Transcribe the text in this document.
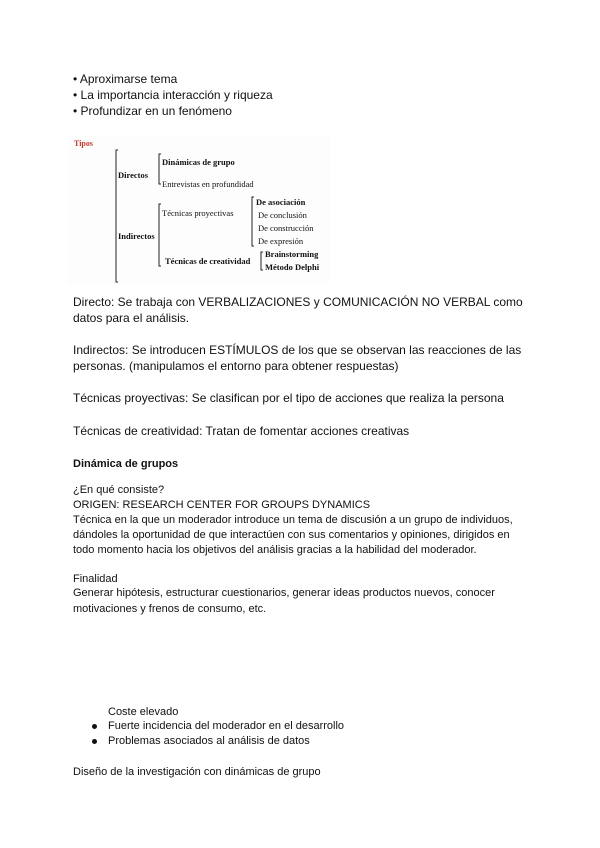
• Aproximarse tema
• La importancia interacción y riqueza
• Profundizar en un fenómeno
Tipos
Directos
Indirectos
Dinámicas de grupo
Entrevistas en profundidad
Técnicas proyectivas
Técnicas de creatividad
De asociación
De conclusión
De construcción
De expresión
Brainstorming
Método Delphi
Directo: Se trabaja con VERBALIZACIONES y COMUNICACIÓN NO VERBAL como
datos para el análisis.
Indirectos: Se introducen ESTÍMULOS de los que se observan las reacciones de las
personas. (manipulamos el entorno para obtener respuestas)
Técnicas proyectivas: Se clasifican por el tipo de acciones que realiza la persona
Técnicas de creatividad: Tratan de fomentar acciones creativas
Dinámica de grupos
¿En qué consiste?
ORIGEN: RESEARCH CENTER FOR GROUPS DYNAMICS
Técnica en la que un moderador introduce un tema de discusión a un grupo de individuos,
dándoles la oportunidad de que interactúen con sus comentarios y opiniones, dirigidos en
todo momento hacia los objetivos del análisis gracias a la habilidad del moderador.
Finalidad
Generar hipótesis, estructurar cuestionarios, generar ideas productos nuevos, conocer
motivaciones y frenos de consumo, etc.
Coste elevado
Fuerte incidencia del moderador en el desarrollo
Problemas asociados al análisis de datos
Diseño de la investigación con dinámicas de grupo
